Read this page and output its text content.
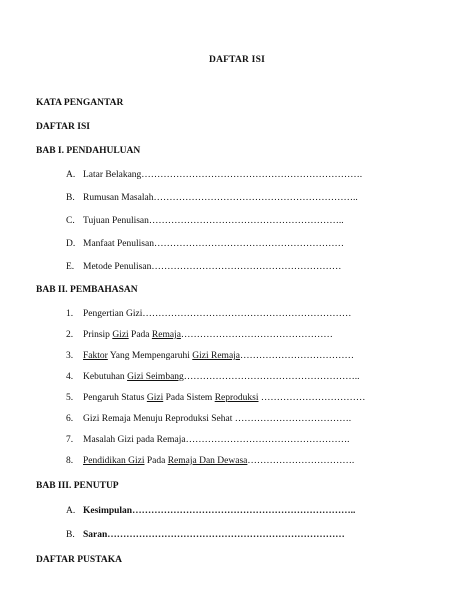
DAFTAR ISI
KATA PENGANTAR
DAFTAR ISI
BAB I. PENDAHULUAN
A. Latar Belakang…………………………………………………………….
B. Rumusan Masalah………………………………………………………..
C. Tujuan Penulisan……………………………………………………..
D. Manfaat Penulisan……………………………………………………
E. Metode Penulisan……………………………………………………
BAB II. PEMBAHASAN
1. Pengertian Gizi…………………………………………………………
2. Prinsip Gizi Pada Remaja…………………………………………
3. Faktor Yang Mempengaruhi Gizi Remaja………………………………
4. Kebutuhan Gizi Seimbang………………………………………………..
5. Pengaruh Status Gizi Pada Sistem Reproduksi ……………………………
6. Gizi Remaja Menuju Reproduksi Sehat ……………………………….
7. Masalah Gizi pada Remaja…………………………………………….
8. Pendidikan Gizi Pada Remaja Dan Dewasa…………………………….
BAB III. PENUTUP
A. Kesimpulan……………………………………………………………..
B. Saran…………………………………………………………………
DAFTAR PUSTAKA
